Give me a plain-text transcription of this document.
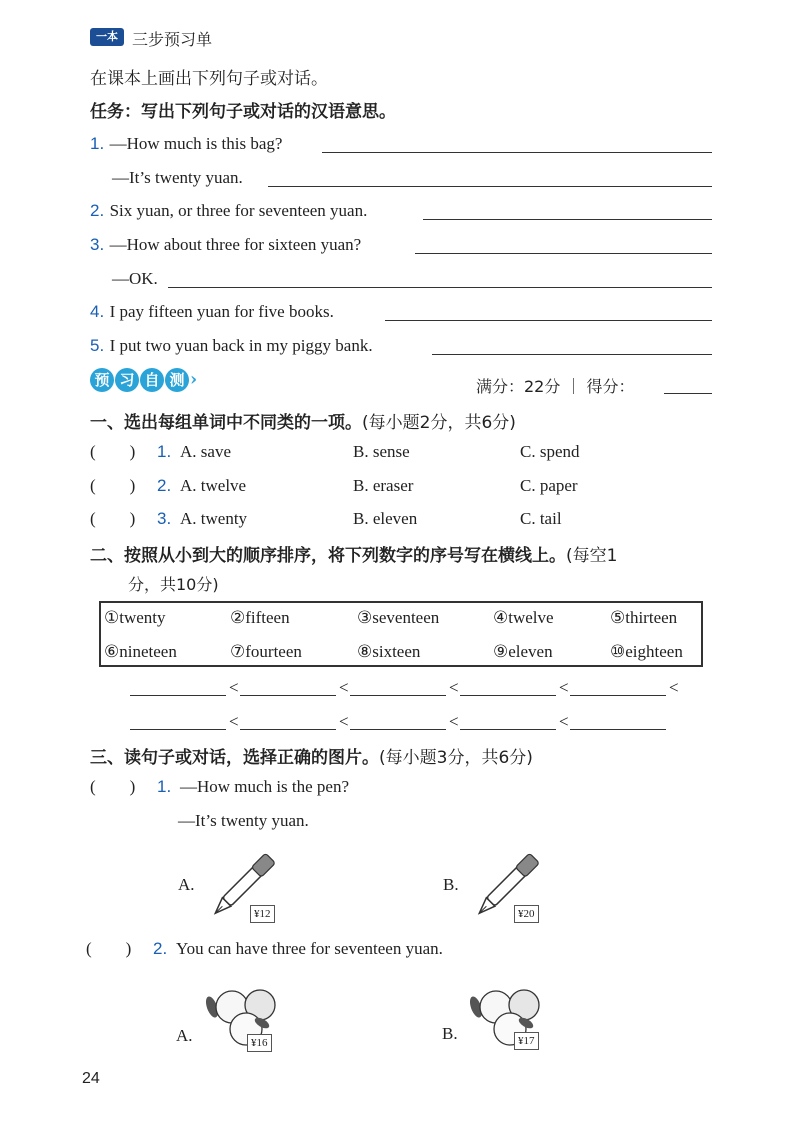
一本 三步预习单
在课本上画出下列句子或对话。
任务：写出下列句子或对话的汉语意思。
1. —How much is this bag?
—It’s twenty yuan.
2. Six yuan, or three for seventeen yuan.
3. —How about three for sixteen yuan?
—OK.
4. I pay fifteen yuan for five books.
5. I put two yuan back in my piggy bank.
预 习 自 测 ›	满分：22分 ｜ 得分：
一、选出每组单词中不同类的一项。(每小题2分，共6分)
(　　) 1. A. save	B. sense	C. spend
(　　) 2. A. twelve	B. eraser	C. paper
(　　) 3. A. twenty	B. eleven	C. tail
二、按照从小到大的顺序排序，将下列数字的序号写在横线上。(每空1
分，共10分)
①twenty	②fifteen	③seventeen	④twelve	⑤thirteen
⑥nineteen	⑦fourteen	⑧sixteen	⑨eleven	⑩eighteen
<	<	<	<	<
<	<	<	<
三、读句子或对话，选择正确的图片。(每小题3分，共6分)
(　　) 1. —How much is the pen?
—It’s twenty yuan.
A.
¥12
B.
¥20
(　　) 2. You can have three for seventeen yuan.
A.	¥16	B.	¥17
24
